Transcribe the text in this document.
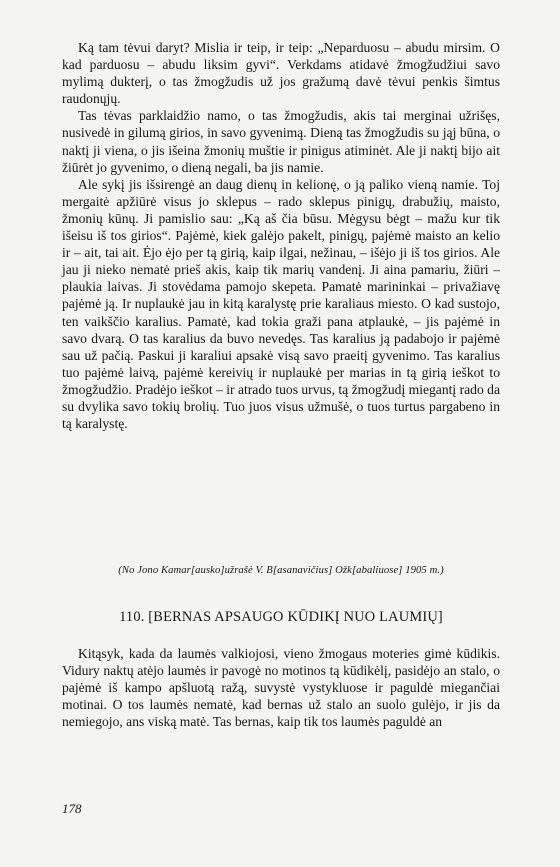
Ką tam tėvui daryt? Mislia ir teip, ir teip: „Neparduosu – abudu mirsim. O kad parduosu – abudu liksim gyvi“. Verkdams atidavė žmogžudžiui savo mylimą dukterį, o tas žmogžudis už jos gražumą davė tėvui penkis šimtus raudonųjų.

Tas tėvas parklaidžio namo, o tas žmogžudis, akis tai merginai užrišęs, nusivedė in gilumą girios, in savo gyvenimą. Dieną tas žmogžudis su jąj būna, o naktį ji viena, o jis išeina žmonių muštie ir pinigus atiminėt. Ale ji naktį bijo ait žiūrėt jo gyvenimo, o dieną negali, ba jis namie.

Ale sykį jis išsirengė an daug dienų in kelionę, o ją paliko vieną namie. Toj mergaitė apžiūrė visus jo sklepus – rado sklepus pinigų, drabužių, maisto, žmonių kūnų. Ji pamislio sau: „Ką aš čia būsu. Mėgysu bėgt – mažu kur tik išeisu iš tos girios“. Pajėmė, kiek galėjo pakelt, pinigų, pajėmė maisto an kelio ir – ait, tai ait. Ėjo ėjo per tą girią, kaip ilgai, nežinau, – išėjo ji iš tos girios. Ale jau ji nieko nematė prieš akis, kaip tik marių vandenį. Ji aina pamariu, žiūri – plaukia laivas. Ji stovėdama pamojo skepeta. Pamatė marininkai – privažiavę pajėmė ją. Ir nuplaukė jau in kitą karalystę prie karaliaus miesto. O kad sustojo, ten vaikščio karalius. Pamatė, kad tokia graži pana atplaukė, – jis pajėmė in savo dvarą. O tas karalius da buvo nevedęs. Tas karalius ją padabojo ir pajėmė sau už pačią. Paskui ji karaliui apsakė visą savo praeitį gyvenimo. Tas karalius tuo pajėmė laivą, pajėmė kereivių ir nuplaukė per marias in tą girią ieškot to žmogžudžio. Pradėjo ieškot – ir atrado tuos urvus, tą žmogžudį miegantį rado da su dvylika savo tokių brolių. Tuo juos visus užmušė, o tuos turtus pargabeno in tą karalystę.

(No Jono Kamar[ausko]užrašė V. B[asanavičius] Ožk[abaliuose] 1905 m.)
110. [BERNAS APSAUGO KŪDIKĮ NUO LAUMIŲ]

Kitąsyk, kada da laumės valkiojosi, vieno žmogaus moteries gimė kūdikis. Vidury naktų atėjo laumės ir pavogė no motinos tą kūdikėlį, pasidėjo an stalo, o pajėmė iš kampo apšluotą ražą, suvystė vystykluose ir paguldė miegančiai motinai. O tos laumės nematė, kad bernas už stalo an suolo gulėjo, ir jis da nemiegojo, ans viską matė. Tas bernas, kaip tik tos laumės paguldė an

178
